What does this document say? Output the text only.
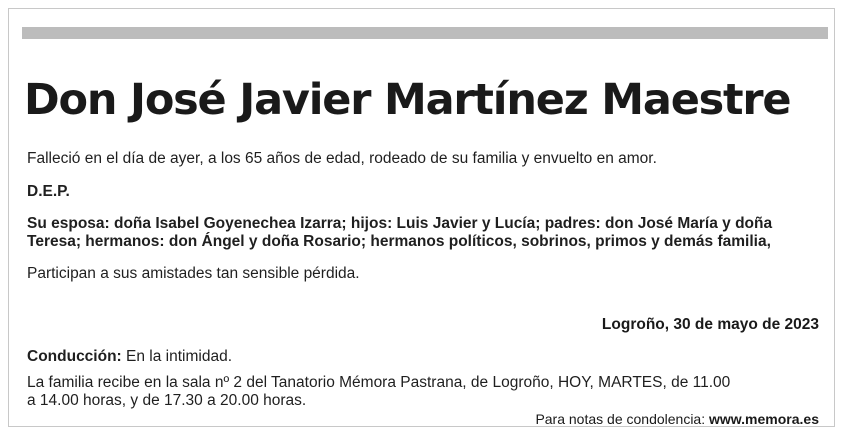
Don José Javier Martínez Maestre

Falleció en el día de ayer, a los 65 años de edad, rodeado de su familia y envuelto en amor.

D.E.P.

Su esposa: doña Isabel Goyenechea Izarra; hijos: Luis Javier y Lucía; padres: don José María y doña

Teresa; hermanos: don Ángel y doña Rosario; hermanos políticos, sobrinos, primos y demás familia,

Participan a sus amistades tan sensible pérdida.

Logroño, 30 de mayo de 2023

Conducción: En la intimidad.

La familia recibe en la sala nº 2 del Tanatorio Mémora Pastrana, de Logroño, HOY, MARTES, de 11.00

a 14.00 horas, y de 17.30 a 20.00 horas.

Para notas de condolencia: www.memora.es
